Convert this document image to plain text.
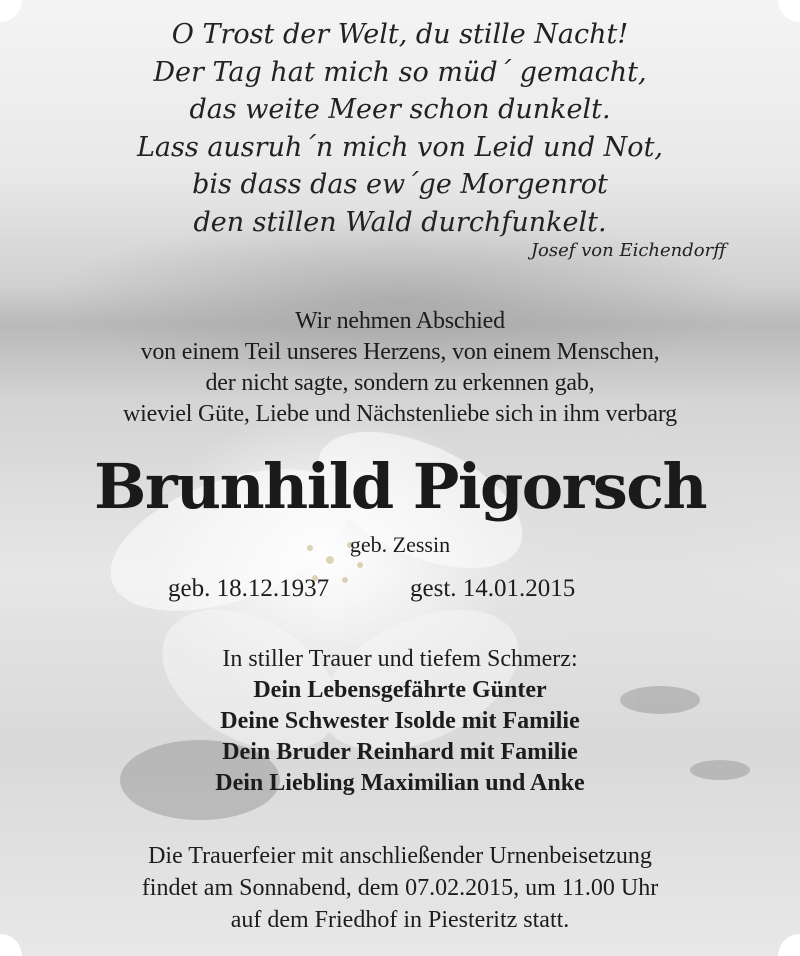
O Trost der Welt, du stille Nacht!
Der Tag hat mich so müd´ gemacht,
das weite Meer schon dunkelt.
Lass ausruh´n mich von Leid und Not,
bis dass das ew´ge Morgenrot
den stillen Wald durchfunkelt.
Josef von Eichendorff
Wir nehmen Abschied
von einem Teil unseres Herzens, von einem Menschen,
der nicht sagte, sondern zu erkennen gab,
wieviel Güte, Liebe und Nächstenliebe sich in ihm verbarg
Brunhild Pigorsch
geb. Zessin
geb. 18.12.1937	gest. 14.01.2015
In stiller Trauer und tiefem Schmerz:
Dein Lebensgefährte Günter
Deine Schwester Isolde mit Familie
Dein Bruder Reinhard mit Familie
Dein Liebling Maximilian und Anke
Die Trauerfeier mit anschließender Urnenbeisetzung
findet am Sonnabend, dem 07.02.2015, um 11.00 Uhr
auf dem Friedhof in Piesteritz statt.
